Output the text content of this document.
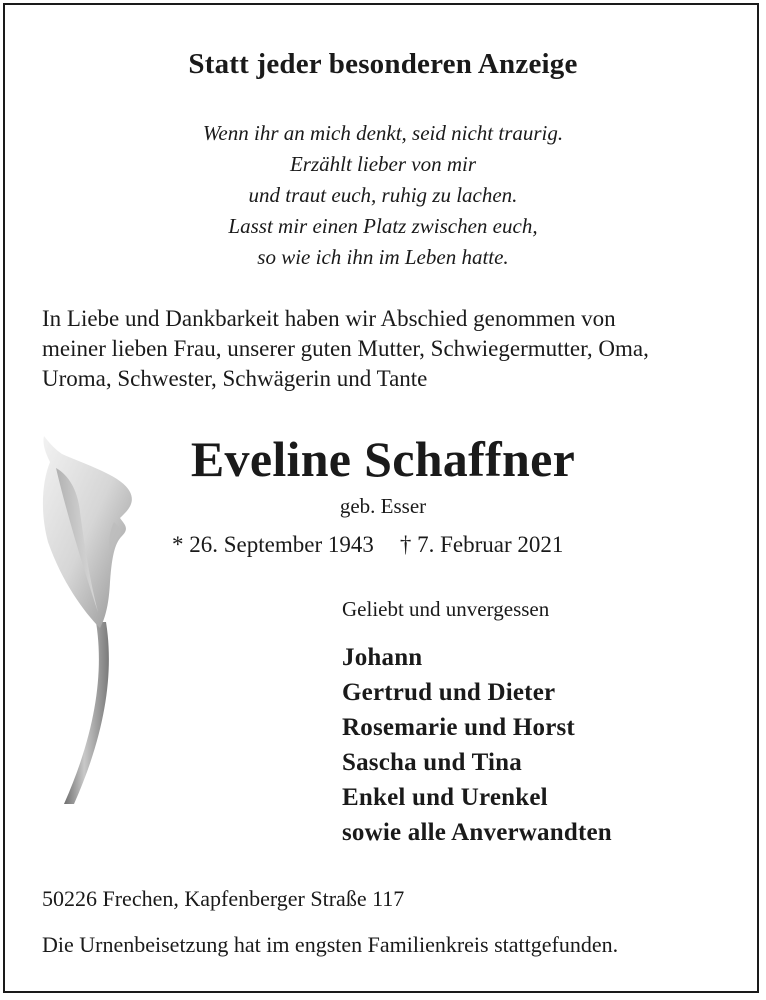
Statt jeder besonderen Anzeige
Wenn ihr an mich denkt, seid nicht traurig.
Erzählt lieber von mir
und traut euch, ruhig zu lachen.
Lasst mir einen Platz zwischen euch,
so wie ich ihn im Leben hatte.
In Liebe und Dankbarkeit haben wir Abschied genommen von
meiner lieben Frau, unserer guten Mutter, Schwiegermutter, Oma,
Uroma, Schwester, Schwägerin und Tante
Eveline Schaffner
geb. Esser
* 26. September 1943 † 7. Februar 2021
Geliebt und unvergessen
Johann
Gertrud und Dieter
Rosemarie und Horst
Sascha und Tina
Enkel und Urenkel
sowie alle Anverwandten
50226 Frechen, Kapfenberger Straße 117
Die Urnenbeisetzung hat im engsten Familienkreis stattgefunden.
